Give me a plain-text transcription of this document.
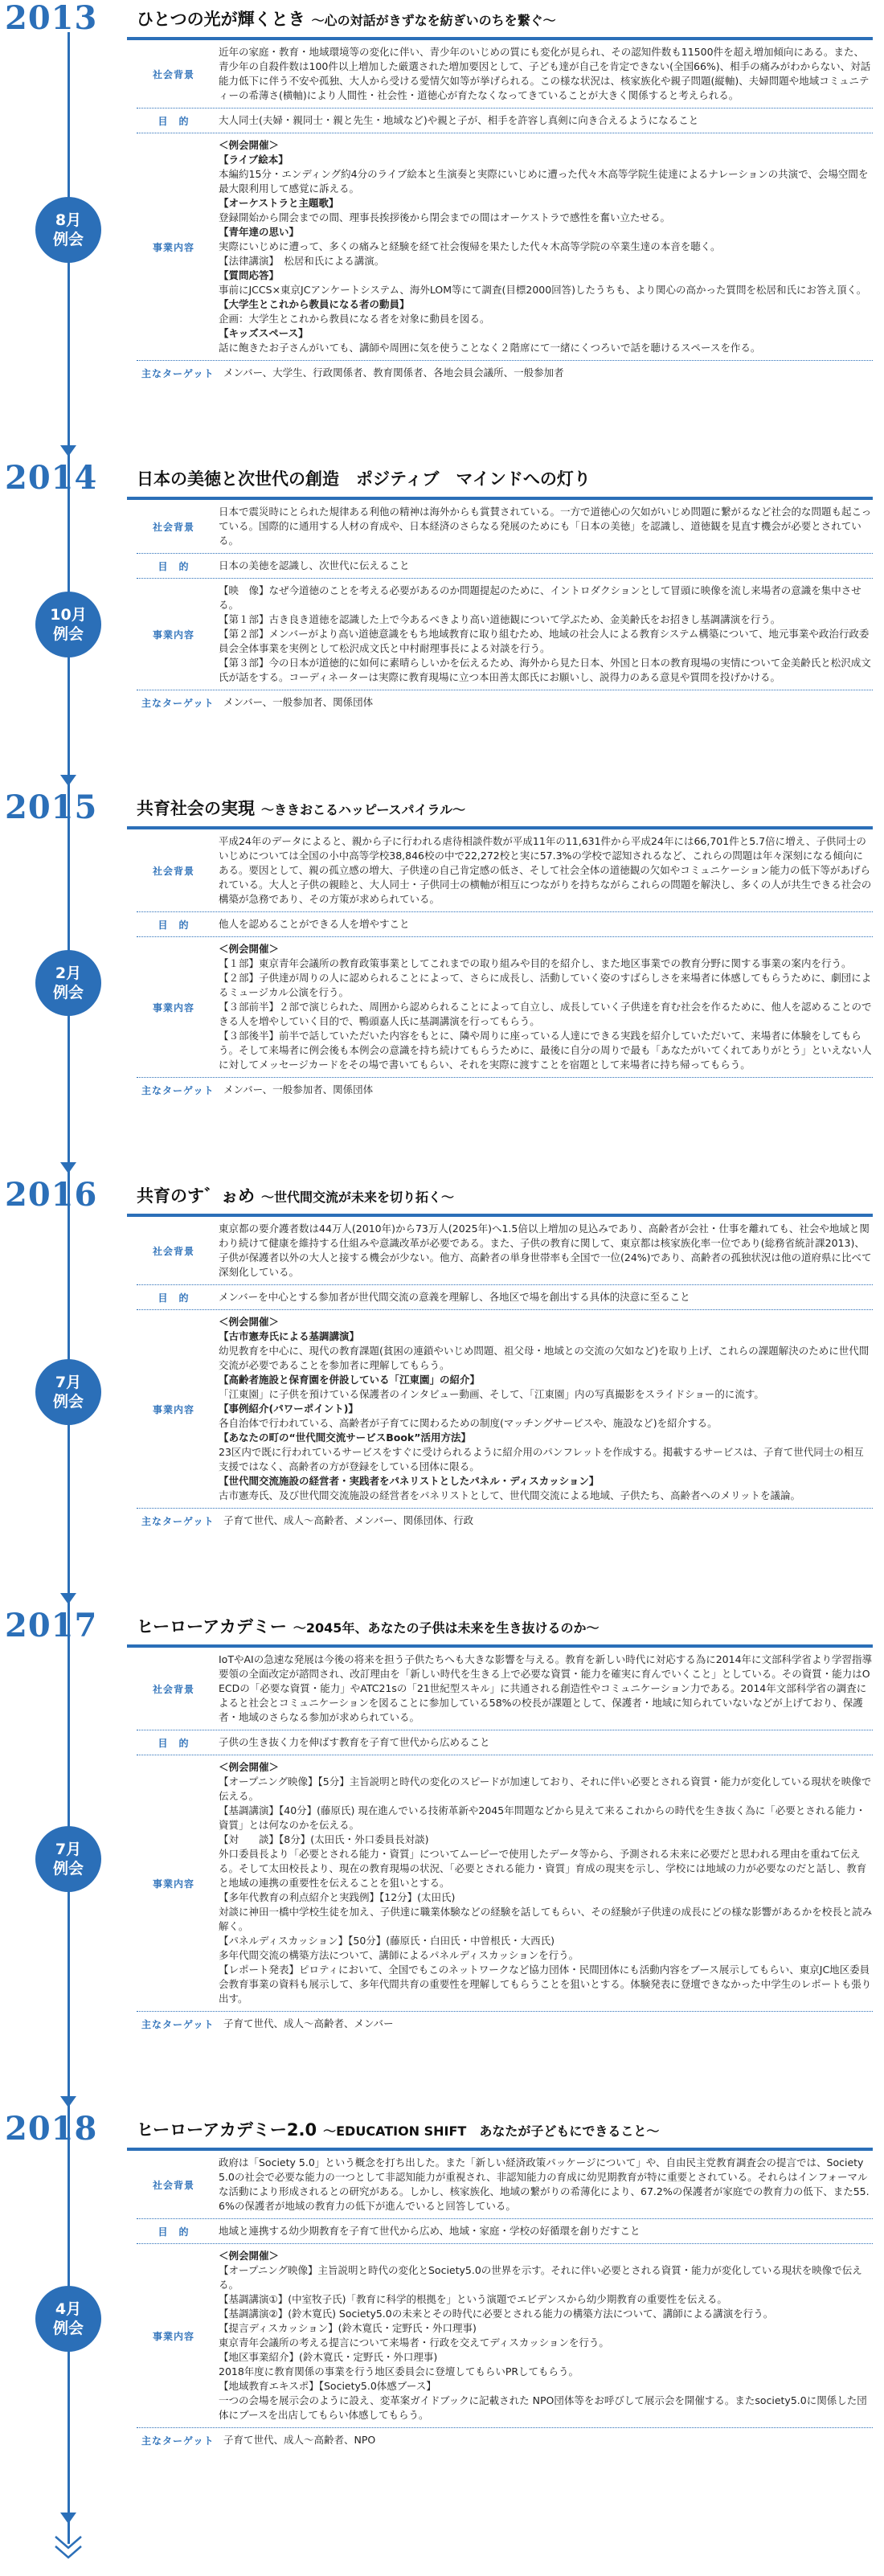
2013	ひとつの光が輝くとき ～心の対話がきずなを紡ぎいのちを繋ぐ～
社会背景
近年の家庭・教育・地域環境等の変化に伴い、青少年のいじめの質にも変化が見られ、その認知件数も11500件を超え増加傾向にある。また、青少年の自殺件数は100件以上増加した厳選された増加要因として、子ども達が自己を肯定できない(全国66%)、相手の痛みがわからない、対話能力低下に伴う不安や孤独、大人から受ける愛情欠如等が挙げられる。この様な状況は、核家族化や親子問題(縦軸)、夫婦問題や地域コミュニティーの希薄さ(横軸)により人間性・社会性・道徳心が育たなくなってきていることが大きく関係すると考えられる。
目　的	大人同士(夫婦・親同士・親と先生・地域など)や親と子が、相手を許容し真剣に向き合えるようになること
事業内容

＜例会開催＞

【ライブ絵本】

本編約15分・エンディング約4分のライブ絵本と生演奏と実際にいじめに遭った代々木高等学院生徒達によるナレーションの共演で、会場空間を最大限利用して感覚に訴える。

【オーケストラと主題歌】

登録開始から開会までの間、理事長挨拶後から閉会までの間はオーケストラで感性を奮い立たせる。

【青年達の思い】

実際にいじめに遭って、多くの痛みと経験を経て社会復帰を果たした代々木高等学院の卒業生達の本音を聴く。

【法律講演】　松居和氏による講演。

【質問応答】

事前にJCCS×東京JCアンケートシステム、海外LOM等にて調査(目標2000回答)したうちも、より関心の高かった質問を松居和氏にお答え頂く。

【大学生とこれから教員になる者の動員】

企画：大学生とこれから教員になる者を対象に動員を図る。

【キッズスペース】

話に飽きたお子さんがいても、講師や周囲に気を使うことなく２階席にて一緒にくつろいで話を聴けるスペースを作る。

主なターゲット メンバー、大学生、行政関係者、教育関係者、各地会員会議所、一般参加者
8月
例会
2014	日本の美徳と次世代の創造　ポジティブ　マインドへの灯り
社会背景
日本で震災時にとられた規律ある利他の精神は海外からも賞賛されている。一方で道徳心の欠如がいじめ問題に繋がるなど社会的な問題も起こっている。国際的に通用する人材の育成や、日本経済のさらなる発展のためにも「日本の美徳」を認識し、道徳観を見直す機会が必要とされている。
目　的	日本の美徳を認識し、次世代に伝えること
事業内容

【映　像】なぜ今道徳のことを考える必要があるのか問題提起のために、イントロダクションとして冒頭に映像を流し来場者の意識を集中させる。

【第１部】古き良き道徳を認識した上で今あるべきより高い道徳観について学ぶため、金美齢氏をお招きし基調講演を行う。

【第２部】メンバーがより高い道徳意識をもち地域教育に取り組むため、地域の社会人による教育システム構築について、地元事業や政治行政委員会全体事業を実例として松沢成文氏と中村耐理事長による対談を行う。

【第３部】今の日本が道徳的に如何に素晴らしいかを伝えるため、海外から見た日本、外国と日本の教育現場の実情について金美齢氏と松沢成文氏が話をする。コーディネーターは実際に教育現場に立つ本田善太郎氏にお願いし、説得力のある意見や質問を投げかける。

主なターゲット メンバー、一般参加者、関係団体
10月
例会
2015	共育社会の実現 ～ききおこるハッピースパイラル～
社会背景
平成24年のデータによると、親から子に行われる虐待相談件数が平成11年の11,631件から平成24年には66,701件と5.7倍に増え、子供同士のいじめについては全国の小中高等学校38,846校の中で22,272校と実に57.3%の学校で認知されるなど、これらの問題は年々深刻になる傾向にある。要因として、親の孤立感の増大、子供達の自己肯定感の低さ、そして社会全体の道徳観の欠如やコミュニケーション能力の低下等があげられている。大人と子供の親睦と、大人同士・子供同士の横軸が相互につながりを持ちながらこれらの問題を解決し、多くの人が共生できる社会の構築が急務であり、その方策が求められている。
目　的	他人を認めることができる人を増やすこと
事業内容

＜例会開催＞

【１部】東京青年会議所の教育政策事業としてこれまでの取り組みや目的を紹介し、また地区事業での教育分野に関する事業の案内を行う。

【２部】子供達が周りの人に認められることによって、さらに成長し、活動していく姿のすばらしさを来場者に体感してもらうために、劇団によるミュージカル公演を行う。

【３部前半】２部で演じられた、周囲から認められることによって自立し、成長していく子供達を育む社会を作るために、他人を認めることのできる人を増やしていく目的で、鴨頭嘉人氏に基調講演を行ってもらう。

【３部後半】前半で話していただいた内容をもとに、隣や周りに座っている人達にできる実践を紹介していただいて、来場者に体験をしてもらう。そして来場者に例会後も本例会の意識を持ち続けてもらうために、最後に自分の周りで最も「あなたがいてくれてありがとう」といえない人に対してメッセージカードをその場で書いてもらい、それを実際に渡すことを宿題として来場者に持ち帰ってもらう。

主なターゲット メンバー、一般参加者、関係団体
2月
例会
2016	共育のす゛ぉめ ～世代間交流が未来を切り拓く～
社会背景
東京都の要介護者数は44万人(2010年)から73万人(2025年)へ1.5倍以上増加の見込みであり、高齢者が会社・仕事を離れても、社会や地域と関わり続けて健康を維持する仕組みや意識改革が必要である。また、子供の教育に関して、東京都は核家族化率一位であり(総務省統計課2013)、子供が保護者以外の大人と接する機会が少ない。他方、高齢者の単身世帯率も全国で一位(24%)であり、高齢者の孤独状況は他の道府県に比べて深刻化している。
目　的	メンバーを中心とする参加者が世代間交流の意義を理解し、各地区で場を創出する具体的決意に至ること
事業内容

＜例会開催＞

【古市憲寿氏による基調講演】

幼児教育を中心に、現代の教育課題(貧困の連鎖やいじめ問題、祖父母・地域との交流の欠如など)を取り上げ、これらの課題解決のために世代間交流が必要であることを参加者に理解してもらう。

【高齢者施設と保育園を併設している「江東園」の紹介】

「江東園」に子供を預けている保護者のインタビュー動画、そして、「江東園」内の写真撮影をスライドショー的に流す。

【事例紹介(パワーポイント)】

各自治体で行われている、高齢者が子育てに関わるための制度(マッチングサービスや、施設など)を紹介する。

【あなたの町の“世代間交流サービスBook”活用方法】

23区内で既に行われているサービスをすぐに受けられるように紹介用のパンフレットを作成する。掲載するサービスは、子育て世代同士の相互支援ではなく、高齢者の方が登録をしている団体に限る。

【世代間交流施設の経営者・実践者をパネリストとしたパネル・ディスカッション】

古市憲寿氏、及び世代間交流施設の経営者をパネリストとして、世代間交流による地域、子供たち、高齢者へのメリットを議論。

主なターゲット 子育て世代、成人～高齢者、メンバー、関係団体、行政
7月
例会
2017	ヒーローアカデミー ～2045年、あなたの子供は未来を生き抜けるのか～
社会背景
IoTやAIの急速な発展は今後の将来を担う子供たちへも大きな影響を与える。教育を新しい時代に対応する為に2014年に文部科学省より学習指導要領の全面改定が諮問され、改訂理由を「新しい時代を生きる上で必要な資質・能力を確実に育んでいくこと」としている。その資質・能力はOECDの「必要な資質・能力」やATC21sの「21世紀型スキル」に共通される創造性やコミュニケーション力である。2014年文部科学省の調査によると社会とコミュニケーションを図ることに参加している58%の校長が課題として、保護者・地域に知られていないなどが上げており、保護者・地域のさらなる参加が求められている。
目　的	子供の生き抜く力を伸ばす教育を子育て世代から広めること
事業内容

＜例会開催＞

【オープニング映像】【5分】主旨説明と時代の変化のスピードが加速しており、それに伴い必要とされる資質・能力が変化している現状を映像で伝える。

【基調講演】【40分】(藤原氏) 現在進んでいる技術革新や2045年問題などから見えて来るこれからの時代を生き抜く為に「必要とされる能力・資質」とは何なのかを伝える。

【対　　談】【8分】(太田氏・外口委員長対談)

外口委員長より「必要とされる能力・資質」についてムービーで使用したデータ等から、予測される未来に必要だと思われる理由を重ねて伝える。そして太田校長より、現在の教育現場の状況、「必要とされる能力・資質」育成の現実を示し、学校には地域の力が必要なのだと話し、教育と地域の連携の重要性を伝えることを狙いとする。

【多年代教育の利点紹介と実践例】【12分】(太田氏)

対談に神田一橋中学校生徒を加え、子供達に職業体験などの経験を話してもらい、その経験が子供達の成長にどの様な影響があるかを校長と読み解く。

【パネルディスカッション】【50分】(藤原氏・白田氏・中曽根氏・大西氏)

多年代間交流の構築方法について、講師によるパネルディスカッションを行う。

【レポート発表】ピロティにおいて、全国でもこのネットワークなど協力団体・民間団体にも活動内容をブース展示してもらい、東京JC地区委員会教育事業の資料も展示して、多年代間共育の重要性を理解してもらうことを狙いとする。体験発表に登壇できなかった中学生のレポートも張り出す。

主なターゲット 子育て世代、成人～高齢者、メンバー
7月
例会
2018	ヒーローアカデミー2.0 ～EDUCATION SHIFT　あなたが子どもにできること～
社会背景
政府は「Society 5.0」という概念を打ち出した。また「新しい経済政策パッケージについて」や、自由民主党教育調査会の提言では、Society5.0の社会で必要な能力の一つとして非認知能力が重視され、非認知能力の育成に幼児期教育が特に重要とされている。それらはインフォーマルな活動により形成されるとの研究がある。しかし、核家族化、地域の繋がりの希薄化により、67.2%の保護者が家庭での教育力の低下、また55.6%の保護者が地域の教育力の低下が進んでいると回答している。
目　的	地域と連携する幼少期教育を子育て世代から広め、地域・家庭・学校の好循環を創りだすこと
事業内容

＜例会開催＞

【オープニング映像】主旨説明と時代の変化とSociety5.0の世界を示す。それに伴い必要とされる資質・能力が変化している現状を映像で伝える。

【基調講演①】(中室牧子氏)「教育に科学的根拠を」という演題でエビデンスから幼少期教育の重要性を伝える。

【基調講演②】(鈴木寛氏) Society5.0の未来とその時代に必要とされる能力の構築方法について、講師による講演を行う。

【提言ディスカッション】(鈴木寛氏・定野氏・外口理事)

東京青年会議所の考える提言について来場者・行政を交えてディスカッションを行う。

【地区事業紹介】(鈴木寛氏・定野氏・外口理事)

2018年度に教育関係の事業を行う地区委員会に登壇してもらいPRしてもらう。

【地域教育エキスポ】【Society5.0体感ブース】

一つの会場を展示会のように設え、変革案ガイドブックに記載された NPO団体等をお呼びして展示会を開催する。またsociety5.0に関係した団体にブースを出店してもらい体感してもらう。

主なターゲット 子育て世代、成人～高齢者、NPO
4月
例会
